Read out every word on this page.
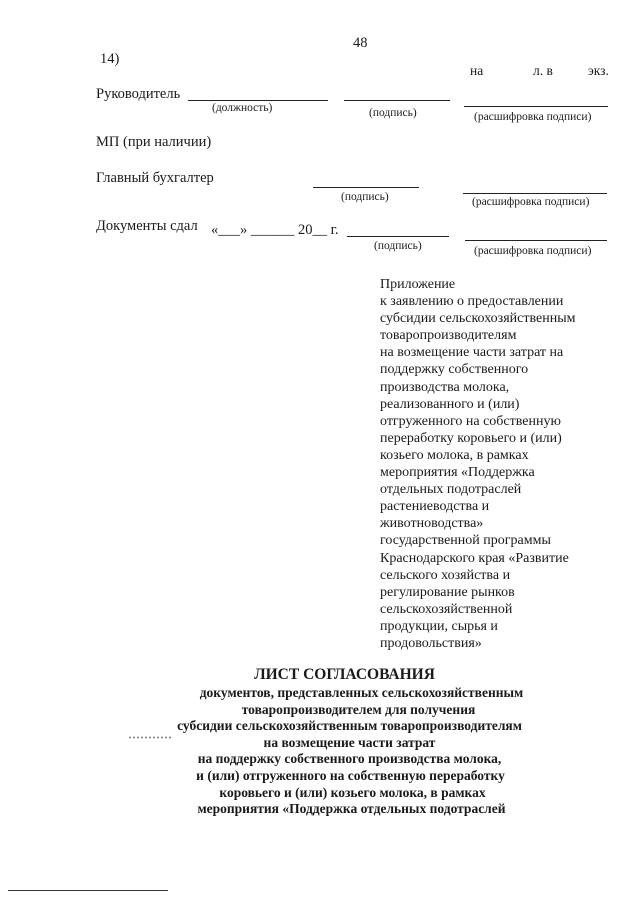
48
14)
на	л. в	экз.
Руководитель
(должность)	(подпись)	(расшифровка подписи)
МП (при наличии)
Главный бухгалтер
(подпись)	(расшифровка подписи)
Документы сдал «___» ______ 20__ г.
(подпись)	(расшифровка подписи)
Приложение
к заявлению о предоставлении
субсидии сельскохозяйственным
товаропроизводителям
на возмещение части затрат на
поддержку собственного
производства молока,
реализованного и (или)
отгруженного на собственную
переработку коровьего и (или)
козьего молока, в рамках
мероприятия «Поддержка
отдельных подотраслей
растениеводства и
животноводства»
государственной программы
Краснодарского края «Развитие
сельского хозяйства и
регулирование рынков
сельскохозяйственной
продукции, сырья и
продовольствия»
ЛИСТ СОГЛАСОВАНИЯ
документов, представленных сельскохозяйственным
товаропроизводителем для получения
субсидии сельскохозяйственным товаропроизводителям
на возмещение части затрат
на поддержку собственного производства молока,
и (или) отгруженного на собственную переработку
коровьего и (или) козьего молока, в рамках
мероприятия «Поддержка отдельных подотраслей
